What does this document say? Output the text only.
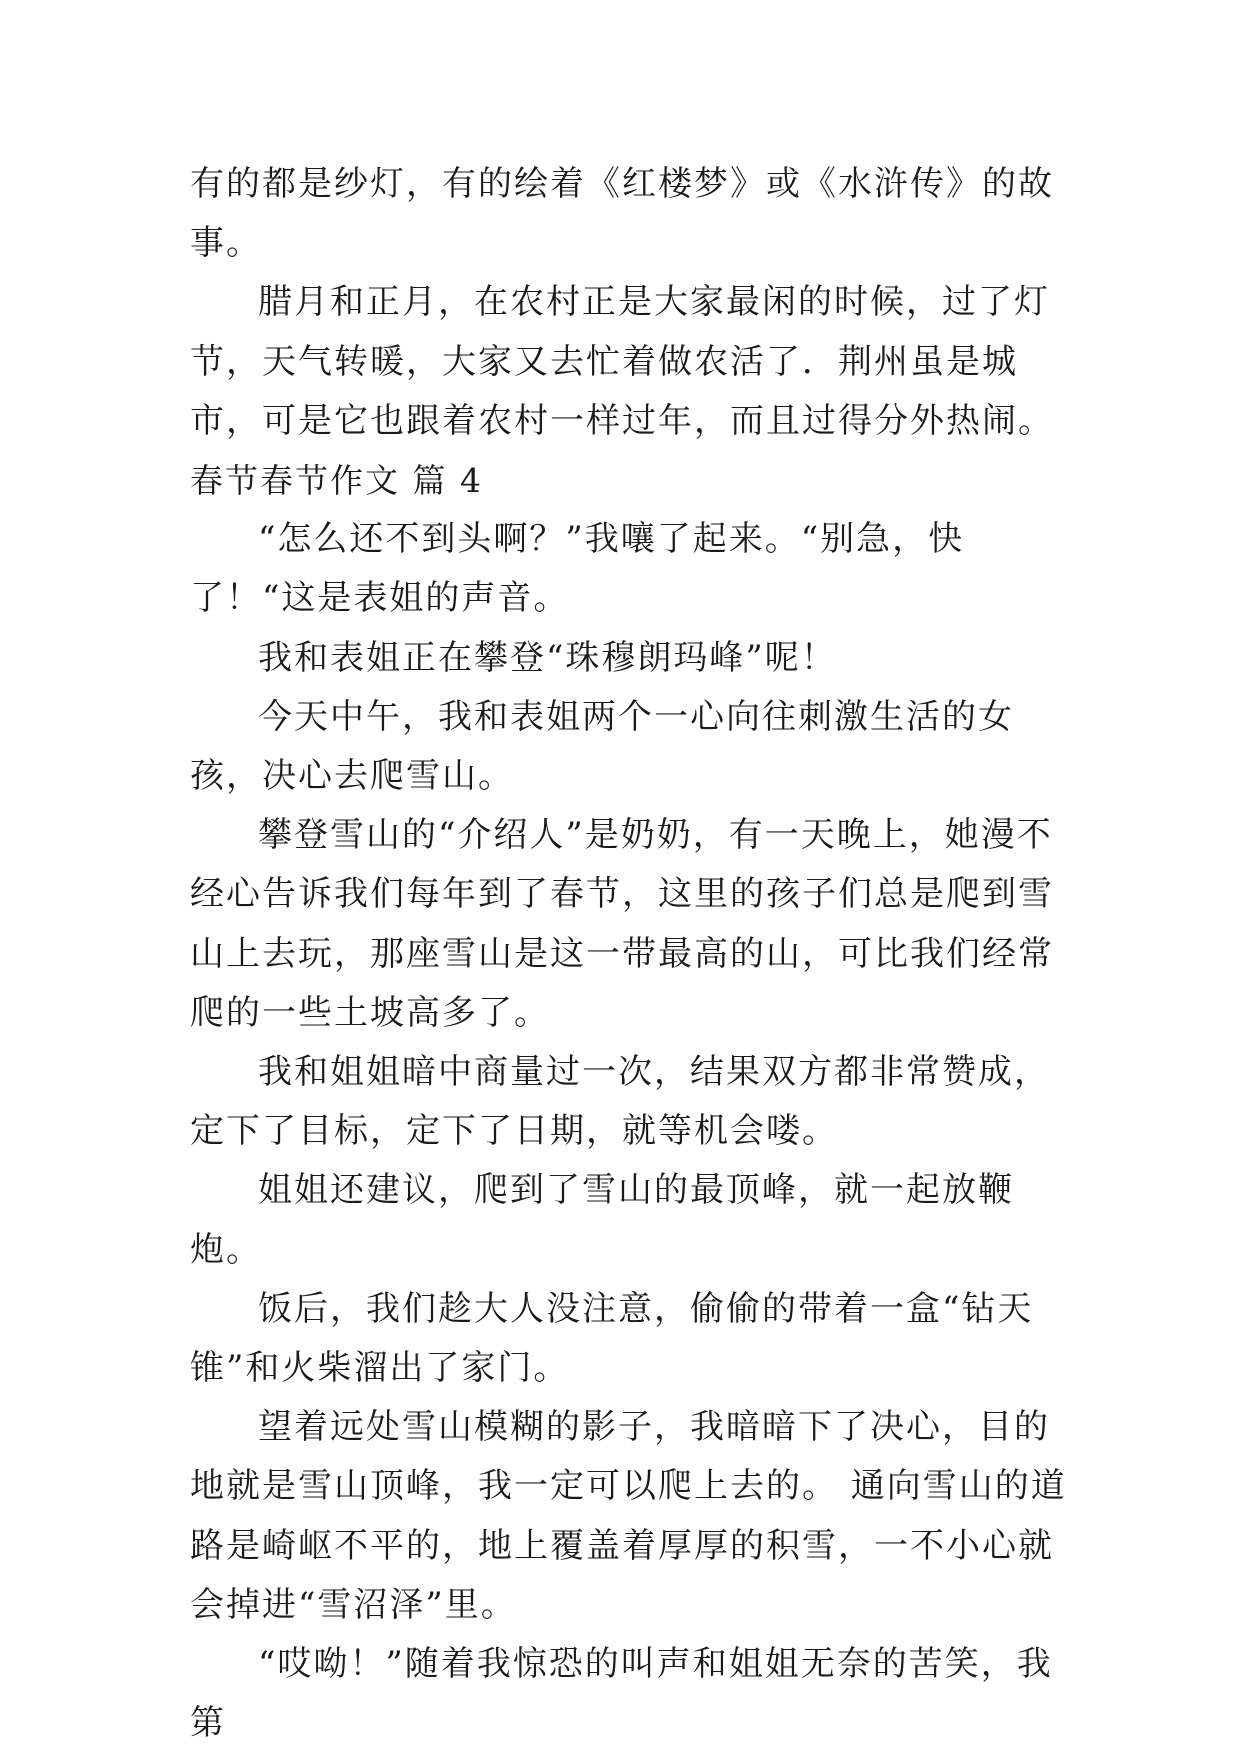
有的都是纱灯，有的绘着《红楼梦》或《水浒传》的故事。

腊月和正月，在农村正是大家最闲的时候，过了灯节，天气转暖，大家又去忙着做农活了．荆州虽是城市，可是它也跟着农村一样过年，而且过得分外热闹。

春节春节作文 篇 4

“怎么还不到头啊？”我嚷了起来。“别急，快了！“这是表姐的声音。

我和表姐正在攀登“珠穆朗玛峰”呢！

今天中午，我和表姐两个一心向往刺激生活的女孩，决心去爬雪山。

攀登雪山的“介绍人”是奶奶，有一天晚上，她漫不经心告诉我们每年到了春节，这里的孩子们总是爬到雪山上去玩，那座雪山是这一带最高的山，可比我们经常爬的一些土坡高多了。

我和姐姐暗中商量过一次，结果双方都非常赞成，定下了目标，定下了日期，就等机会喽。

姐姐还建议，爬到了雪山的最顶峰，就一起放鞭炮。

饭后，我们趁大人没注意，偷偷的带着一盒“钻天锥”和火柴溜出了家门。

望着远处雪山模糊的影子，我暗暗下了决心，目的地就是雪山顶峰，我一定可以爬上去的。 通向雪山的道路是崎岖不平的，地上覆盖着厚厚的积雪，一不小心就会掉进“雪沼泽”里。

“哎呦！”随着我惊恐的叫声和姐姐无奈的苦笑，我第
